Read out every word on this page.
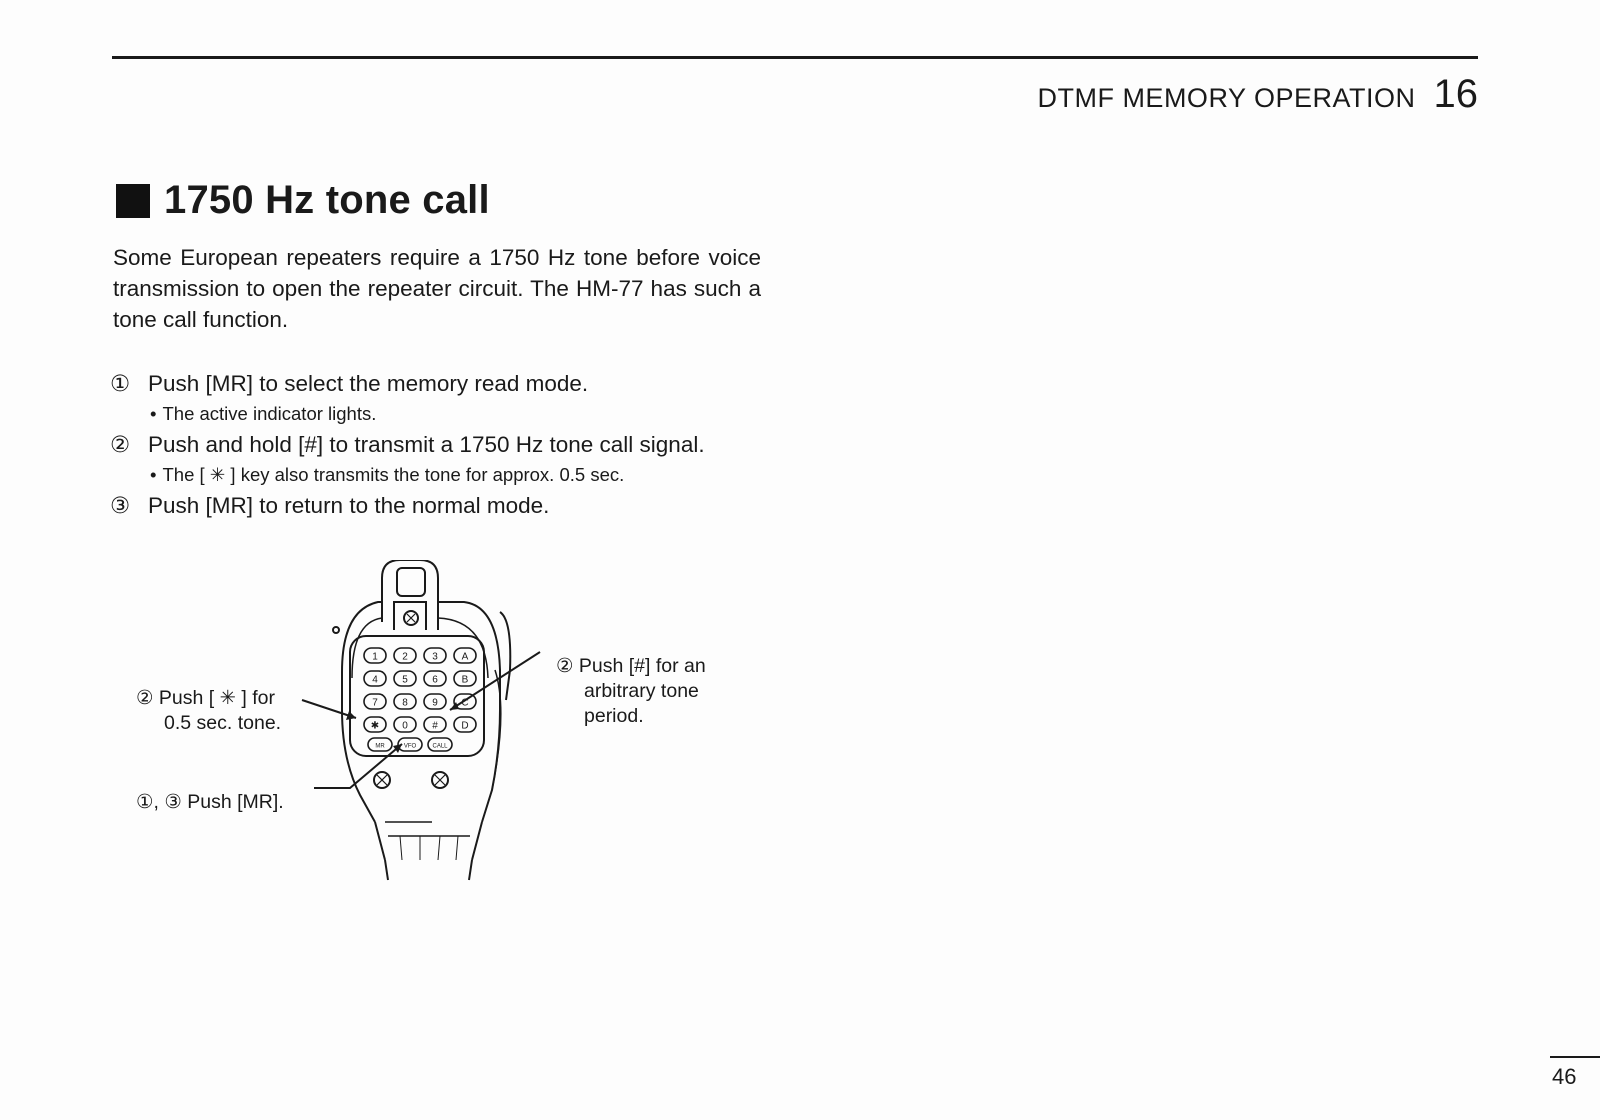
DTMF MEMORY OPERATION 16
1750 Hz tone call

Some European repeaters require a 1750 Hz tone before voice transmission to open the repeater circuit. The HM-77 has such a tone call function.

① Push [MR] to select the memory read mode.
• The active indicator lights.
② Push and hold [#] to transmit a 1750 Hz tone call signal.
• The [ ✳ ] key also transmits the tone for approx. 0.5 sec.
③ Push [MR] to return to the normal mode.
1 2 3 A
4 5 6 B
7 8 9 C
✱ 0 # D
MR	VFO	CALL
② Push [ ✳ ] for
0.5 sec. tone.
①, ③ Push [MR].
② Push [#] for an
arbitrary tone
period.
46
